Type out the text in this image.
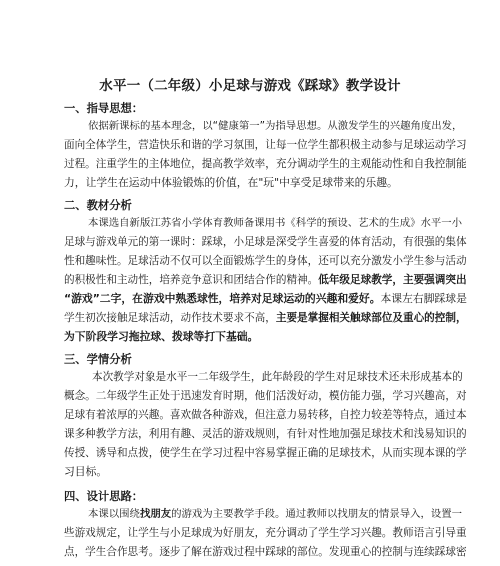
水平一（二年级）小足球与游戏《踩球》教学设计
一、指导思想：
依据新课标的基本理念，以“健康第一”为指导思想。从激发学生的兴趣角度出发，
面向全体学生，营造快乐和谐的学习氛围，让每一位学生都积极主动参与足球运动学习
过程。注重学生的主体地位，提高教学效率，充分调动学生的主观能动性和自我控制能
力，让学生在运动中体验锻炼的价值，在"玩"中享受足球带来的乐趣。
二、教材分析
本课选自新版江苏省小学体育教师备课用书《科学的预设、艺术的生成》水平一小
足球与游戏单元的第一课时：踩球，小足球是深受学生喜爱的体育活动，有很强的集体
性和趣味性。足球活动不仅可以全面锻炼学生的身体，还可以充分激发小学生参与活动
的积极性和主动性，培养竞争意识和团结合作的精神。低年级足球教学，主要强调突出
“游戏”二字，在游戏中熟悉球性，培养对足球运动的兴趣和爱好。本课左右脚踩球是
学生初次接触足球活动，动作技术要求不高，主要是掌握相关触球部位及重心的控制，
为下阶段学习拖拉球、拨球等打下基础。
三、学情分析
本次教学对象是水平一二年级学生，此年龄段的学生对足球技术还未形成基本的
概念。二年级学生正处于迅速发育时期，他们活泼好动，模仿能力强，学习兴趣高，对
足球有着浓厚的兴趣。喜欢做各种游戏，但注意力易转移，自控力较差等特点，通过本
课多种教学方法，利用有趣、灵活的游戏规则，有针对性地加强足球技术和浅易知识的
传授、诱导和点拨，使学生在学习过程中容易掌握正确的足球技术，从而实现本课的学
习目标。
四、设计思路：
本课以围绕找朋友的游戏为主要教学手段。通过教师以找朋友的情景导入，设置一
些游戏规定，让学生与小足球成为好朋友，充分调动了学生学习兴趣。教师语言引导重
点，学生合作思考。逐步了解在游戏过程中踩球的部位。发现重心的控制与连续踩球密
